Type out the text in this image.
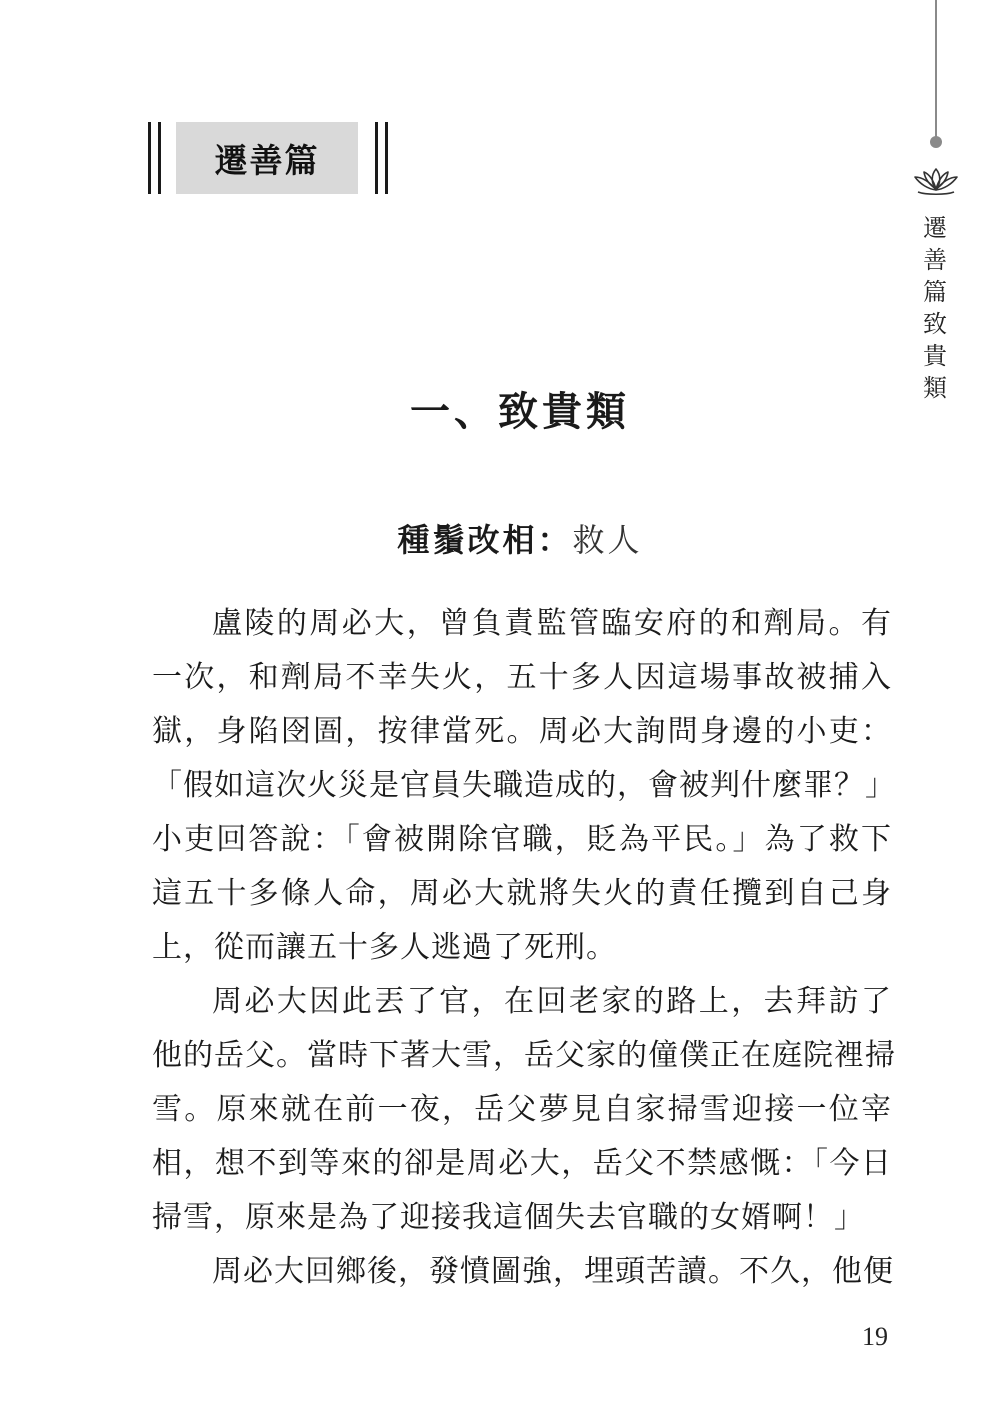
遷善篇
遷善篇
致貴類
一、致貴類
種鬚改相：救人
盧陵的周必大，曾負責監管臨安府的和劑局。有
一次，和劑局不幸失火，五十多人因這場事故被捕入
獄，身陷囹圄，按律當死。周必大詢問身邊的小吏：
「假如這次火災是官員失職造成的，會被判什麼罪？」
小吏回答說：「會被開除官職，貶為平民。」為了救下
這五十多條人命，周必大就將失火的責任攬到自己身
上，從而讓五十多人逃過了死刑。
周必大因此丟了官，在回老家的路上，去拜訪了
他的岳父。當時下著大雪，岳父家的僮僕正在庭院裡掃
雪。原來就在前一夜，岳父夢見自家掃雪迎接一位宰
相，想不到等來的卻是周必大，岳父不禁感慨：「今日
掃雪，原來是為了迎接我這個失去官職的女婿啊！」
周必大回鄉後，發憤圖強，埋頭苦讀。不久，他便
19
